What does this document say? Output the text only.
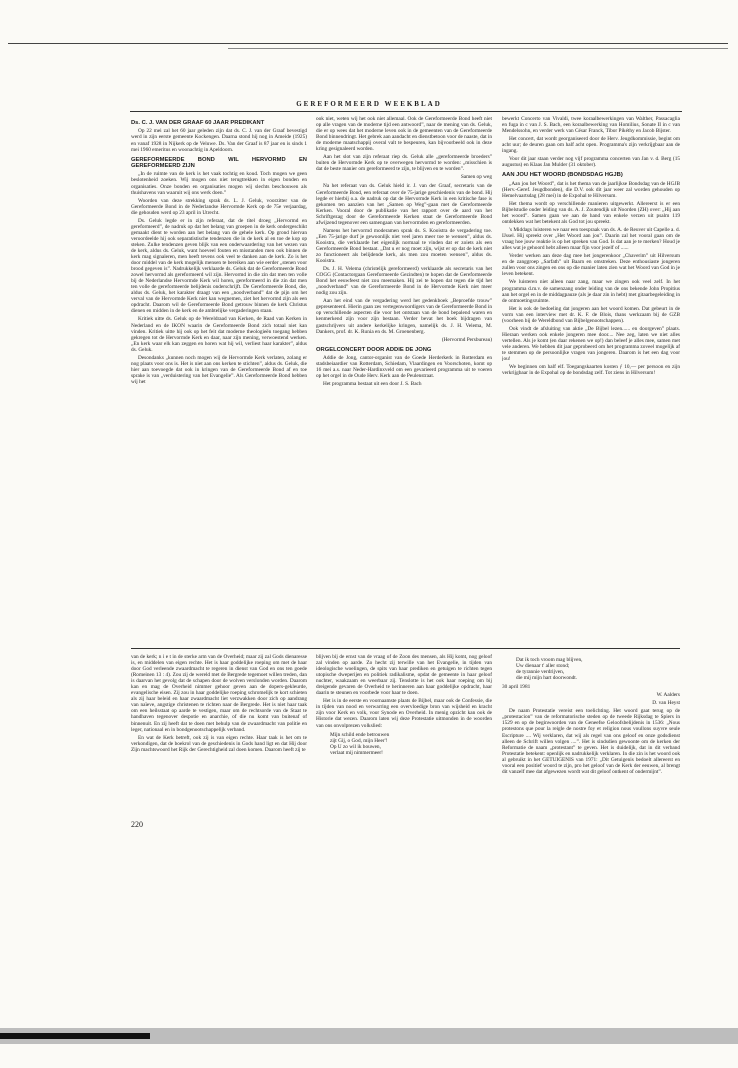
GEREFORMEERD WEEKBLAD
Ds. C. J. VAN DER GRAAF 60 JAAR PREDIKANT

Op 22 mei zal het 60 jaar geleden zijn dat ds. C. J. van der Graaf bevestigd werd in zijn eerste gemeente Kockengen. Daarna stond hij nog in Ameide (1925) en vanaf 1928 in Nijkerk op de Veluwe. Ds. Van der Graaf is 87 jaar en is sinds 1 mei 1960 emeritus en woonachtig in Apeldoorn.

GEREFORMEERDE BOND WIL HERVORMD EN GEREFORMEERD ZIJN

„In de ruimte van de kerk is het vaak tochtig en koud. Toch mogen we geen beslotenheid zoeken. Wij mogen ons niet terugtrekken in eigen bonden en organisaties. Onze bonden en organisaties mogen wij slechts beschouwen als thuishavens van waaruit wij ons werk doen.”

Woorden van deze strekking sprak ds. L. J. Geluk, voorzitter van de Gereformeerde Bond in de Nederlandse Hervormde Kerk op de 75e verjaardag, die gehouden werd op 23 april in Utrecht.

Ds. Geluk legde er in zijn referaat, dat de titel droeg „Hervormd en gereformeerd”, de nadruk op dat het belang van groepen in de kerk ondergeschikt gemaakt dient te worden aan het belang van de gehele kerk. Op grond hiervan veroordeelde hij ook separatistische tendenzen die in de kerk al en toe de kop op steken. Zulke tendenzen geven blijk van een onderwaardering van het wezen van de kerk, aldus ds. Geluk, want hoeveel fouten en misstanden men ook binnen de kerk mag signaleren, men heeft tevens ook veel te danken aan de kerk. Zo is het door middel van de kerk mogelijk mensen te bereiken aan wie eerder „stenen voor brood gegeven is”. Nadrukkelijk verklaarde ds. Geluk dat de Gereformeerde Bond zowel hervormd als gereformeerd wil zijn. Hervormd in die zin dat men ten volle bij de Nederlandse Hervormde Kerk wil horen, gereformeerd in die zin dat men ten volle de gereformeerde belijdenis onderschrijft. De Gereformeerde Bond, die, aldus ds. Geluk, het karakter draagt van een „noodverband” dat de pijn om het verval van de Hervormde Kerk niet kan wegnemen, ziet het hervormd zijn als een opdracht. Daarom wil de Gereformeerde Bond getrouw binnen de kerk Christus dienen en midden in de kerk en de ambtelijke vergaderingen staan.

Kritiek uitte ds. Geluk op de Wereldraad van Kerken, de Raad van Kerken in Nederland en de IKON waarin de Gereformeerde Bond zich totaal niet kan vinden. Kritiek uitte hij ook op het feit dat moderne theologieën toegang hebben gekregen tot de Hervormde Kerk en daar, naar zijn mening, verwoestend werken. „En kerk waar elk kan zeggen en horen wat hij wil, verliest haar karakter”, aldus ds. Geluk.

Desondanks „kunnen noch mogen wij de Hervormde Kerk verlaten, zolang er nog plaats voor ons is. Het is niet aan ons kerken te stichten”, aldus ds. Geluk, die hier aan toevoegde dat ook in kringen van de Gereformeerde Bond af en toe sprake is van „verduistering van het Evangelie”. Als Gereformeerde Bond hebben wij het

ook niet, weten wij het ook niet allemaal. Ook de Gereformeerde Bond heeft niet op alle vragen van de moderne tijd een antwoord”, naar de mening van ds. Geluk, die er op wees dat het moderne leven ook in de gemeenten van de Gereformeerde Bond binnendringt. Het gebrek aan aandacht en dienstbetoon voor de naaste, dat in de moderne maatschappij overal valt te bespeuren, kan bijvoorbeeld ook in deze kring gesignaleerd worden.

Aan het slot van zijn referaat riep ds. Geluk alle „gereformeerde broeders” buiten de Hervormde Kerk op te overwegen hervormd te worden: „misschien is dat de beste manier om gereformeerd te zijn, te blijven en te worden”.

Samen op weg

Na het referaat van ds. Geluk hield ir. J. van der Graaf, secretaris van de Gereformeerde Bond, een referaat over de 75-jarige geschiedenis van de bond. Hij legde er hierbij o.a. de nadruk op dat de Hervormde Kerk in een kritische fase is gekomen ten aanzien van het „Samen op Weg”-gaan met de Gereformeerde Kerken. Vooral door de publikatie van het rapport over de aard van het Schriftgezag door de Gereformeerde Kerken staat de Gereformeerde Bond afwijzend tegenover een samengaan van hervormden en gereformeerden.

Namens het hervormd moderamen sprak ds. S. Kooistra de vergadering toe. „Een 75-jarige durf je gewoonlijk niet veel jaren meer toe te wensen”, aldus ds. Kooistra, die verklaarde het eigenlijk normaal te vinden dat er zoiets als een Gereformeerde Bond bestaat. „Dat u er nog moet zijn, wijst er op dat de kerk niet zo functioneert als belijdende kerk, als men zou moeten wensen”, aldus ds. Kooistra.

Ds. J. H. Velema (christelijk gereformeerd) verklaarde als secretaris van het COGG (Contactorgaan Gereformeerde Gezindten) te hopen dat de Gereformeerde Bond het eeuwfeest niet zou meemaken. Hij zei te hopen dat tegen die tijd het „noodverband” van de Gereformeerde Bond in de Hervormde Kerk niet meer nodig zou zijn.

Aan het eind van de vergadering werd het gedenkboek „Beproefde trouw” gepresenteerd. Hierin gaan zes vertegenwoordigers van de Gereformeerde Bond in op verschillende aspecten die voor het ontstaan van de bond bepalend waren en kenmerkend zijn voor zijn bestaan. Verder bevat het boek bijdragen van gastschrijvers uit andere kerkelijke kringen, namelijk ds. J. H. Velema, M. Dankers, prof. dr. K. Runia en ds. M. Groenenberg.

(Hervormd Persbureau)

ORGELCONCERT DOOR ADDIE DE JONG

Addie de Jong, cantor-organist van de Goede Herderkerk in Rotterdam en stadsbeiaardier van Rotterdam, Schiedam, Vlaardingen en Voorschoten, komt op 16 mei a.s. naar Neder-Hardinxveld om een gevarieerd programma uit te voeren op het orgel in de Oude Herv. Kerk aan de Peulenstraat.

Het programma bestaat uit een door J. S. Bach

bewerkt Concerto van Vivaldi, twee koraalbewerkingen van Walther, Passacaglia en fuga in c van J. S. Bach, een koraalbewerking van Homilius, Sonate II in c van Mendelssohn, en verder werk van César Franck, Tibor Pikéthy en Jacob Bijster.

Het concert, dat wordt georganiseerd door de Herv. Jeugdkommissie, begint om acht uur; de deuren gaan om half acht open. Programma's zijn verkrijgbaar aan de ingang.

Voor dit jaar staan verder nog vijf programma concerten van Jan v. d. Berg (15 augustus) en Klaas Jan Mulder (31 oktober).

AAN JOU HET WOORD (BONDSDAG HGJB)

„Aan jou het Woord”, dat is het thema van de jaarlijkse Bondsdag van de HGJB (Herv.-Geref. Jeugdbonden), die D.V. ook dit jaar weer zal worden gehouden op Hemelvaartsdag (28 mei) in de Expohal te Hilversum.

Het thema wordt op verschillende manieren uitgewerkt. Allereerst is er een Bijbelstudie onder leiding van ds. A. J. Zoutendijk uit Noorden (ZH) over: „Hij aan het woord”. Samen gaan we aan de hand van enkele verzen uit psalm 119 ontdekken wat het betekent als God tot jou spreekt.

's Middags luisteren we naar een toespraak van ds. A. de Reuver uit Capelle a. d. IJssel. Hij spreekt over „Het Woord aan jou”. Daarin zal het vooral gaan om de vraag hoe jouw reaktie is op het spreken van God. Is dat aan je te merken? Houd je alles wat je gehoord hebt alleen maar fijn voor jezelf of ......

Verder werken aan deze dag mee het jongerenkoor „Chaverim” uit Hilversum en de zanggroep „Sarfath” uit Baarn en omstreken. Deze enthousiaste jongeren zullen voor ons zingen en ons op die manier laten zien wat het Woord van God in je leven betekent.

We luisteren niet alleen naar zang, maar we zingen ook veel zelf. In het programma d.m.v. de samenzang onder leiding van de ons bekende John Propitius aan het orgel en in de middagpauze (als je daar zin in hebt) met gitaarbegeleiding in de ontmoetingsruimte.

Het is ook de bedoeling dat jongeren aan het woord komen. Dat gebeurt in de vorm van een interview met dr. K. F. de Blois, thans werkzaam bij de GZB (voorheen bij de Wereldbond van Bijbelgenootschappen).

Ook vindt de afsluiting van aktie „De Bijbel lezen...... en doorgeven” plaats. Hieraan werken ook enkele jongeren mee door.... Nee zeg, laten we niet alles vertellen. Als je komt (en daar rekenen we op!) dan beleef je alles mee, samen met vele anderen. We hebben dit jaar geprobeerd om het programma zoveel mogelijk af te stemmen op de persoonlijke vragen van jongeren. Daarom is het een dag voor jou!

We beginnen om half elf. Toegangskaarten kosten ƒ 10,— per persoon en zijn verkrijgbaar in de Expohal op de bondsdag zelf. Tot ziens in Hilversum!

van de kerk; n i e t in de sterke arm van de Overheid; maar zij zal Gods dienaresse is, en middelen van eigen rechte. Het is haar goddelijke roeping om met de haar door God verleende zwaardmacht te regeren in dienst van God en ons ten goede (Romeinen 13 : 4). Zou zij de wereld met de Bergrede tegemoet willen treden, dan is daarvan het gevolg dat de schapen door de wolven verslonden worden. Daarom kan en mag de Overheid nimmer gehoor geven aan de dopers-gekleurde, evangelische eisen. Zij zou in haar goddelijke roeping schromelijk te kort schieten als zij haar beleid en haar zwaardmacht liet verzwakken door zich op aandrang van naïeve, angstige christenen te richten naar de Bergrede. Het is niet haar taak om een heilsstaat op aarde te vestigen, maar om de rechtsorde van de Staat te handhaven tegenover despotie en anarchie, of die nu komt van buitenaf of binnenuit. En zij heeft dat te doen met behulp van de zwaardmacht van politie en leger, nationaal en in bondgenootschappelijk verband.

En wat de Kerk betreft, ook zij is van eigen rechte. Haar taak is het om te verkondigen, dat de boekrol van de geschiedenis in Gods hand ligt en dat Hij door Zijn machtswoord het Rijk der Gerechtigheid zal doen komen. Daarom heeft zij te

blijven bij de ernst van de vraag of de Zoon des mensen, als Hij komt, nog geloof zal vinden op aarde. Zo hecht zij terwille van het Evangelie, in tijden van ideologische woelingen, de spits van haar prediken en getuigen te richten tegen utopische dweperijen en politiek radikalisme, opdat de gemeente in haar geloof nuchter, waakzaam en weerbaar zij. Tenslotte is het ook haar roeping om bij dreigende gevaren de Overheid te herinneren aan haar goddelijke opdracht, haar daarin te steunen en voorbede voor haar te doen.

Het is in de eerste en voornaamste plaats de Bijbel, maar ook de Confessie, die in tijden van nood en verwarring een overvloedige bron van wijsheid en kracht zijn voor Kerk en volk, voor Synode en Overheid. In menig opzicht kan ook de Historie dat wezen. Daarom laten wij deze Protestatie uitmonden in de woorden van ons onvolprezen volkslied:

Mijn schild ende betrouwen
zijt Gij, o God, mijn Heer'!
Op U zo wil ik bouwen,
verlaat mij nimmermeer!
Dat ik toch vroom mag blijven,
Uw dienaar t' aller stond;
de tyrannie verdrijven,
die mij mijn hart doorwondt.

30 april 1981

W. Aalders

D. van Heyst

De naam Protestatie vereist een toelichting. Het woord gaat terug op de „protestacion” van de reformatorische steden op de tweede Rijksdag te Spiers in 1529 en op de beginwoorden van de Geneefse Geloofsbelijdenis in 1536: „Nous protestons que pour la reigle de nostre foy et religion nous voullons suyvre seule Escripture .... Wij verklaren, dat wij als regel van ons geloof en onze godsdienst alleen de Schrift willen volgen ....”. Het is sindsdien gewoonte om de kerken der Reformatie de naam „protestant” te geven. Het is duidelijk, dat in dit verband Protestatie betekent: openlijk en nadrukkelijk verklaren. In die zin is het woord ook al gebruikt in het GETUIGENIS van 1971: „Dit Getuigenis bedoelt allereerst en vooral een positief woord te zijn, pro het geloof van de Kerk der eeuwen, al brengt dit vanzelf mee dat afgewezen wordt wat dit geloof ontkent of ondermijnt”.

220
